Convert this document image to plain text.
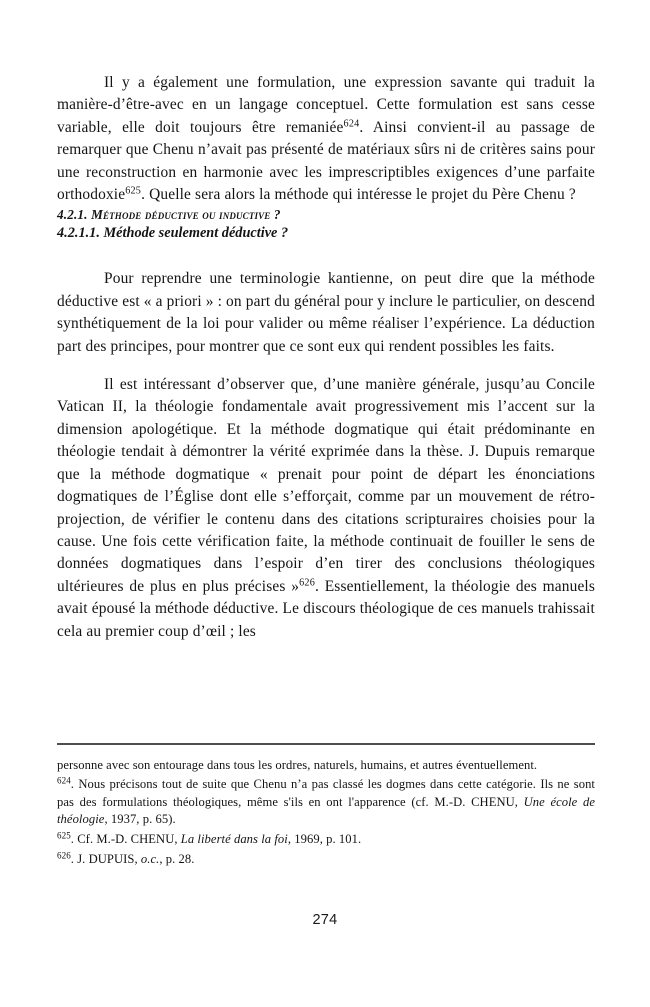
Il y a également une formulation, une expression savante qui traduit la manière-d’être-avec en un langage conceptuel. Cette formulation est sans cesse variable, elle doit toujours être remaniée$^{624}$. Ainsi convient-il au passage de remarquer que Chenu n’avait pas présenté de matériaux sûrs ni de critères sains pour une reconstruction en harmonie avec les imprescriptibles exigences d’une parfaite orthodoxie$^{625}$. Quelle sera alors la méthode qui intéresse le projet du Père Chenu ?

4.2.1. Méthode déductive ou inductive ?
4.2.1.1. Méthode seulement déductive ?

Pour reprendre une terminologie kantienne, on peut dire que la méthode déductive est « a priori » : on part du général pour y inclure le particulier, on descend synthétiquement de la loi pour valider ou même réaliser l’expérience. La déduction part des principes, pour montrer que ce sont eux qui rendent possibles les faits.

Il est intéressant d’observer que, d’une manière générale, jusqu’au Concile Vatican II, la théologie fondamentale avait progressivement mis l’accent sur la dimension apologétique. Et la méthode dogmatique qui était prédominante en théologie tendait à démontrer la vérité exprimée dans la thèse. J. Dupuis remarque que la méthode dogmatique « prenait pour point de départ les énonciations dogmatiques de l’Église dont elle s’efforçait, comme par un mouvement de rétro-projection, de vérifier le contenu dans des citations scripturaires choisies pour la cause. Une fois cette vérification faite, la méthode continuait de fouiller le sens de données dogmatiques dans l’espoir d’en tirer des conclusions théologiques ultérieures de plus en plus précises »$^{626}$. Essentiellement, la théologie des manuels avait épousé la méthode déductive. Le discours théologique de ces manuels trahissait cela au premier coup d’œil ; les

personne avec son entourage dans tous les ordres, naturels, humains, et autres éventuellement.

$^{624}$. Nous précisons tout de suite que Chenu n’a pas classé les dogmes dans cette catégorie. Ils ne sont pas des formulations théologiques, même s'ils en ont l'apparence (cf. M.-D. CHENU, Une école de théologie, 1937, p. 65).

$^{625}$. Cf. M.-D. CHENU, La liberté dans la foi, 1969, p. 101.

$^{626}$. J. DUPUIS, o.c., p. 28.

274
